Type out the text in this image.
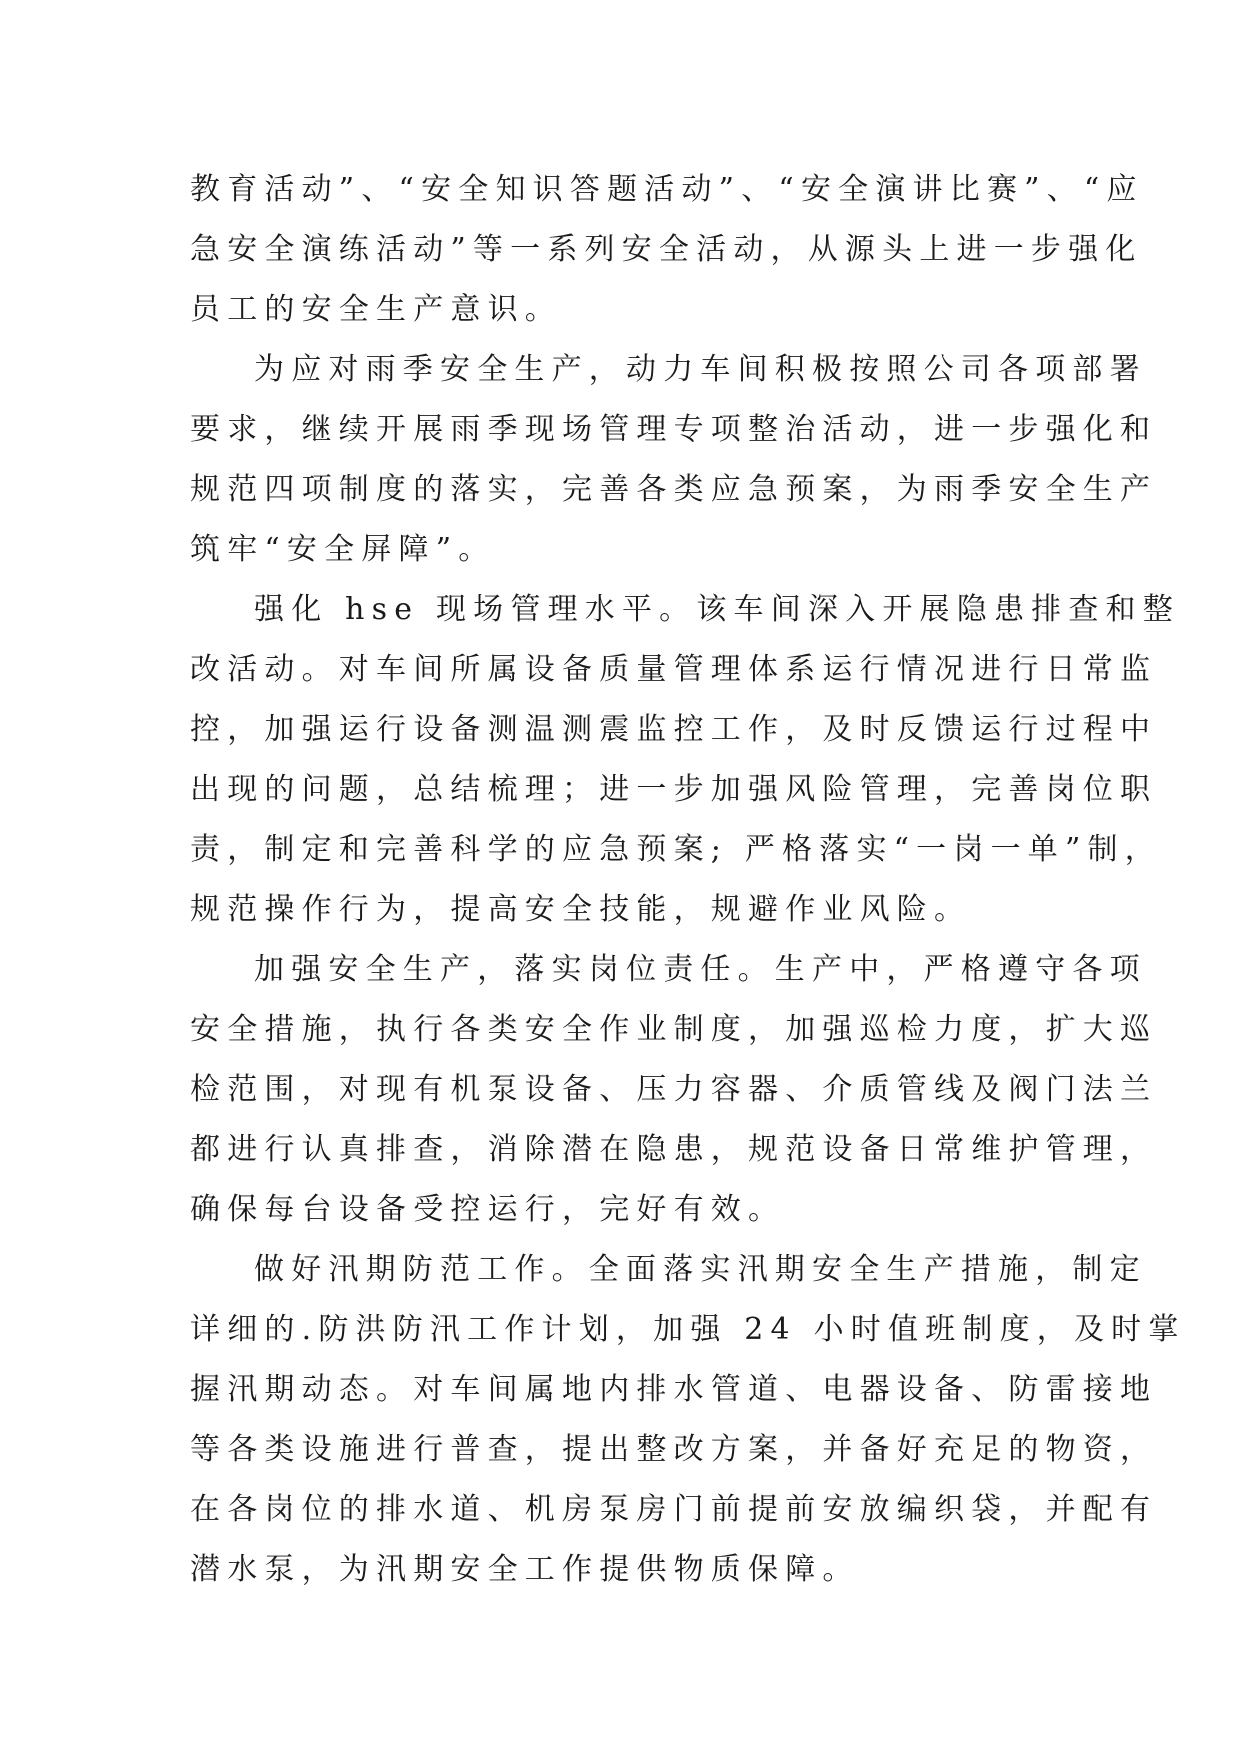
教育活动”、“安全知识答题活动”、“安全演讲比赛”、“应
急安全演练活动”等一系列安全活动，从源头上进一步强化
员工的安全生产意识。
为应对雨季安全生产，动力车间积极按照公司各项部署
要求，继续开展雨季现场管理专项整治活动，进一步强化和
规范四项制度的落实，完善各类应急预案，为雨季安全生产
筑牢“安全屏障”。
强化 hse 现场管理水平。该车间深入开展隐患排查和整
改活动。对车间所属设备质量管理体系运行情况进行日常监
控，加强运行设备测温测震监控工作，及时反馈运行过程中
出现的问题，总结梳理；进一步加强风险管理，完善岗位职
责，制定和完善科学的应急预案; 严格落实“一岗一单”制，
规范操作行为，提高安全技能，规避作业风险。
加强安全生产，落实岗位责任。生产中，严格遵守各项
安全措施，执行各类安全作业制度，加强巡检力度，扩大巡
检范围，对现有机泵设备、压力容器、介质管线及阀门法兰
都进行认真排查，消除潜在隐患，规范设备日常维护管理，
确保每台设备受控运行，完好有效。
做好汛期防范工作。全面落实汛期安全生产措施，制定
详细的.防洪防汛工作计划，加强 24 小时值班制度，及时掌
握汛期动态。对车间属地内排水管道、电器设备、防雷接地
等各类设施进行普查，提出整改方案，并备好充足的物资，
在各岗位的排水道、机房泵房门前提前安放编织袋，并配有
潜水泵，为汛期安全工作提供物质保障。
